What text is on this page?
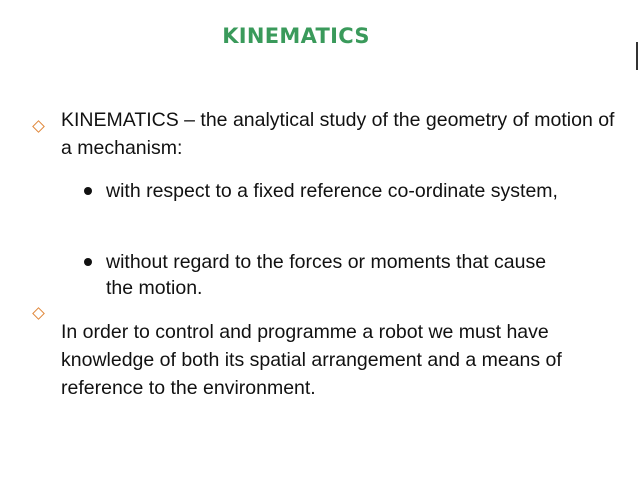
KINEMATICS

KINEMATICS – the analytical study of the geometry of motion of a mechanism:

with respect to a fixed reference co-ordinate system,
without regard to the forces or moments that cause the motion.

In order to control and programme a robot we must have knowledge of both its spatial arrangement and a means of reference to the environment.
